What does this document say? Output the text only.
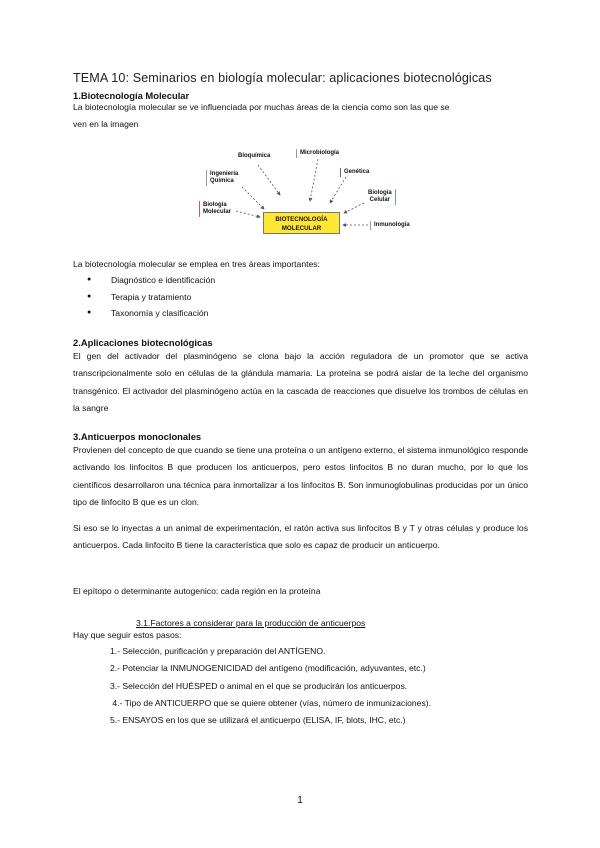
TEMA 10: Seminarios en biología molecular: aplicaciones biotecnológicas
1.Biotecnología Molecular
La biotecnología molecular se ve influenciada por muchas áreas de la ciencia como son las que se
ven en la imagen
Bioquímica	Microbiología
Ingeniería
Química
Genética
Biología
Celular
Biología
Molecular
Inmunología
BIOTECNOLOGÍA
MOLECULAR
La biotecnología molecular se emplea en tres áreas importantes:
● Diagnóstico e identificación
● Terapia y tratamiento
● Taxonomía y clasificación
2.Aplicaciones biotecnológicas
El gen del activador del plasminógeno se clona bajo la acción reguladora de un promotor que se activa transcripcionalmente solo en células de la glándula mamaria. La proteína se podrá aislar de la leche del organismo transgénico. El activador del plasminógeno actúa en la cascada de reacciones que disuelve los trombos de células en la sangre
3.Anticuerpos monoclonales
Provienen del concepto de que cuando se tiene una proteína o un antígeno externo, el sistema inmunológico responde activando los linfocitos B que producen los anticuerpos, pero estos linfocitos B no duran mucho, por lo que los científicos desarrollaron una técnica para inmortalizar a los linfocitos B. Son inmunoglobulinas producidas por un único tipo de linfocito B que es un clon.
Si eso se lo inyectas a un animal de experimentación, el ratón activa sus linfocitos B y T y otras células y produce los anticuerpos. Cada linfocito B tiene la característica que solo es capaz de producir un anticuerpo.
El epítopo o determinante autogenico: cada región en la proteína
3.1.Factores a considerar para la producción de anticuerpos
Hay que seguir estos pasos:
1.- Selección, purificación y preparación del ANTÍGENO.
2.- Potenciar la INMUNOGENICIDAD del antígeno (modificación, adyuvantes, etc.)
3.- Selección del HUÉSPED o animal en el que se producirán los anticuerpos.
4.- Tipo de ANTICUERPO que se quiere obtener (vías, número de inmunizaciones).
5.- ENSAYOS en los que se utilizará el anticuerpo (ELISA, IF, blots, IHC, etc.)
1
